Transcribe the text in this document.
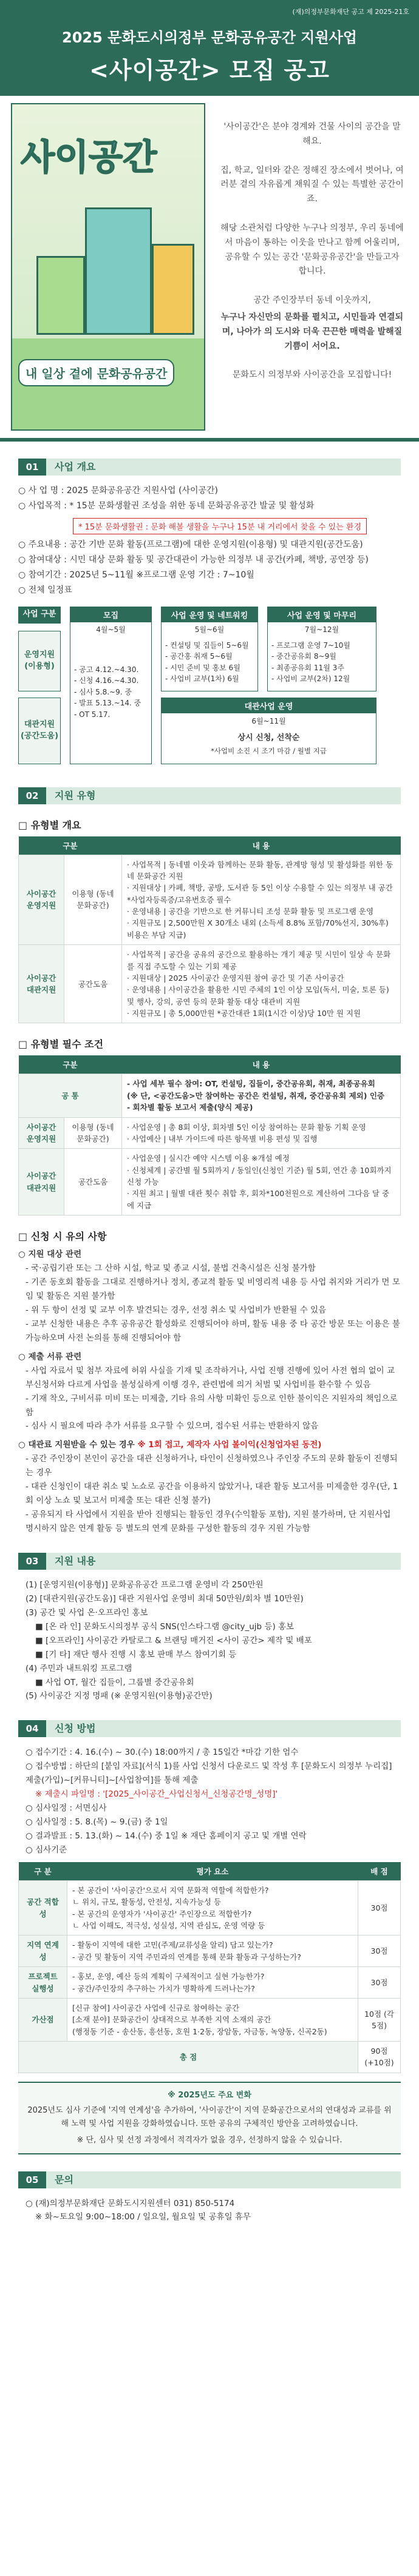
(재)의정부문화재단 공고 제 2025-21호
2025 문화도시의정부 문화공유공간 지원사업
<사이공간> 모집 공고
사이공간
내 일상 곁에 문화공유공간

'사이공간'은 분야 경계와 건물 사이의 공간을 말해요.

집, 학교, 일터와 같은 정해진 장소에서 벗어나, 여러분 곁의 자유롭게 채워질 수 있는 특별한 공간이죠.

해당 소관처럼 다양한 누구나 의정부, 우리 동네에서 마음이 통하는 이웃을 만나고 함께 어울리며, 공유할 수 있는 공간 '문화공유공간'을 만들고자 합니다.

공간 주인장부터 동네 이웃까지,

누구나 자신만의 문화를 펼치고, 시민들과 연결되며, 나아가 의 도시와 더욱 끈끈한 매력을 발해질 기쁨이 서어요.

문화도시 의정부와 사이공간을 모집합니다!

01	사업 개요

○ 사 업 명 : 2025 문화공유공간 지원사업 (사이공간)

○ 사업목적 : * 15분 문화생활권 조성을 위한 동네 문화공유공간 발굴 및 활성화

* 15분 문화생활권 : 문화 해볼 생활을 누구나 15분 내 거리에서 찾을 수 있는 환경

○ 주요내용 : 공간 기반 문화 활동(프로그램)에 대한 운영지원(이용형) 및 대관지원(공간도움)

○ 참여대상 : 시민 대상 문화 활동 및 공간대관이 가능한 의정부 내 공간(카페, 책방, 공연장 등)

○ 참여기간 : 2025년 5~11월 ※프로그램 운영 기간 : 7~10월

○ 전체 일정표

사업 구분
운영지원 (이용형)
대관지원 (공간도움)
모집
4월~5월
- 공고 4.12.~4.30.
- 신청 4.16.~4.30.
- 심사 5.8.~9. 중
- 발표 5.13.~14. 중
- OT 5.17.
사업 운영 및 네트워킹
5월~6월
- 컨설팅 및 집들이 5~6월
- 공간홍 취재 5~6월
- 시민 준비 및 홍보 6월
- 사업비 교부(1차) 6월
사업 운영 및 마무리
7월~12월
- 프로그램 운영 7~10월
- 중간공유회 8~9월
- 최종공유회 11월 3주
- 사업비 교부(2차) 12월
대관사업 운영
6월~11월
상시 신청, 선착순
*사업비 소진 시 조기 마감 / 월별 지급
02	지원 유형
□ 유형별 개요
구분		내 용
사이공간 운영지원	이용형 (동네문화공간)	· 사업목적 | 동네별 이웃과 함께하는 문화 활동, 관계망 형성 및 활성화를 위한 동네 문화공간 지원
· 지원대상 | 카페, 책방, 공방, 도서관 등 5인 이상 수용할 수 있는 의정부 내 공간 *사업자등록증/고유번호증 필수
· 운영내용 | 공간을 기반으로 한 커뮤니티 조성 문화 활동 및 프로그램 운영
· 지원규모 | 2,500만원 X 30개소 내외 (소득세 8.8% 포함/70%선지, 30%후) 비용은 부담 지급)
사이공간 대관지원	공간도움	· 사업목적 | 공간을 공유의 공간으로 활용하는 개기 제공 및 시민이 일상 속 문화를 직접 주도할 수 있는 기회 제공
· 지원대상 | 2025 사이공간 운영지원 참여 공간 및 기존 사이공간
· 운영내용 | 사이공간을 활용한 시민 주체의 1인 이상 모임(독서, 미술, 토론 등) 및 행사, 강의, 공연 등의 문화 활동 대상 대관비 지원
· 지원규모 | 총 5,000만원 *공간대관 1회(1시간 이상)당 10만 원 지원
□ 유형별 필수 조건
구분		내 용
공 통		- 사업 세부 필수 참여: OT, 컨설팅, 집들이, 중간공유회, 취재, 최종공유회
(※ 단, <공간도움>만 참여하는 공간은 컨설팅, 취재, 중간공유회 제외) 인증
- 회차별 활동 보고서 제출(양식 제공)
사이공간 운영지원	이용형 (동네문화공간)	· 사업운영 | 총 8회 이상, 회차별 5인 이상 참여하는 문화 활동 기획 운영
· 사업예산 | 내부 가이드에 따른 항목별 비용 편성 및 집행
사이공간 대관지원	공간도움	· 사업운영 | 실시간 예약 시스템 이용 ※개설 예정
· 신청체계 | 공간별 월 5회까지 / 동일인(신청인 기준) 월 5회, 연간 총 10회까지 신청 가능
· 지원 최고 | 월별 대관 횟수 취합 후, 회차*100천원으로 계산하여 그다음 달 중에 지급
□ 신청 시 유의 사항

○ 지원 대상 관련

- 국·공립기관 또는 그 산하 시설, 학교 및 종교 시설, 불법 건축시설은 신청 불가함

- 기존 동호회 활동을 그대로 진행하거나 정치, 종교적 활동 및 비영리적 내용 등 사업 취지와 거리가 먼 모임 및 활동은 지원 불가함

- 위 두 항이 선정 및 교부 이후 발견되는 경우, 선정 취소 및 사업비가 반환될 수 있음

- 교부 신청한 내용은 추후 공유공간 활성화로 진행되어야 하며, 활동 내용 중 타 공간 방문 또는 이용은 불가능하오며 사전 논의를 통해 진행되어야 함

○ 제출 서류 관련

- 사업 자료서 및 첨부 자료에 허위 사실을 기재 및 조작하거나, 사업 진행 진행에 있어 사전 협의 없이 교부신청서와 다르게 사업을 불성실하게 이행 경우, 관련법에 의거 처벌 및 사업비를 환수할 수 있음

- 기재 착오, 구비서류 미비 또는 미제출, 기타 유의 사항 미확인 등으로 인한 불이익은 지원자의 책임으로 함

- 심사 시 필요에 따라 추가 서류를 요구할 수 있으며, 접수된 서류는 반환하지 않음

○ 대관료 지원받을 수 있는 경우 ※ 1회 접고, 제작자 사업 볼이익(신청업자된 동전)

- 공간 주인장이 본인이 공간을 대관 신청하거나, 타인이 신청하였으나 주인장 주도의 문화 활동이 진행되는 경우

- 대관 신청인이 대관 취소 및 노쇼로 공간을 이용하지 않았거나, 대관 활동 보고서를 미제출한 경우(단, 1회 이상 노쇼 및 보고서 미제출 또는 대관 신청 불가)

- 공유되지 타 사업에서 지원을 받아 진행되는 활동인 경우(수익활동 포함), 지원 불가하며, 단 지원사업 명시하지 않은 연계 활동 등 별도의 연계 문화를 구성한 활동의 경우 지원 가능함

03	지원 내용

(1) [운영지원(이용형)] 문화공유공간 프로그램 운영비 각 250만원

(2) [대관지원(공간도움)] 대관 지원사업 운영비 최대 50만원/회차 별 10만원)

(3) 공간 및 사업 온·오프라인 홍보

■ [온 라 인] 문화도시의정부 공식 SNS(인스타그램 @city_ujb 등) 홍보

■ [오프라인] 사이공간 카탈로그 & 브랜딩 매거진 <사이 공간> 제작 및 배포

■ [기 타] 재단 행사 진행 시 홍보 판매 부스 참여기회 등

(4) 주민과 내트워킹 프로그램

■ 사업 OT, 월간 집들이, 그룹별 중간공유회

(5) 사이공간 지정 명패 (※ 운영지원(이용형)공간만)

04	신청 방법

○ 접수기간 : 4. 16.(수) ~ 30.(수) 18:00까지 / 총 15일간 *마감 기한 엄수

○ 접수방법 : 하단의 [붙임 자료](서식 1)를 사업 신청서 다운로드 및 작성 후 [문화도시 의정부 누리집] 제출(가입)~[커뮤니티]~[사업참여]를 통해 제출

※ 제출시 파일명 : '[2025_사이공간_사업신청서_신청공간명_성명]'

○ 심사일정 : 서면심사

○ 심사일정 : 5. 8.(목) ~ 9.(금) 중 1일

○ 결과발표 : 5. 13.(화) ~ 14.(수) 중 1일 ※ 재단 홈페이지 공고 및 개별 연락

○ 심사기준

구 분	평가 요소	배 점
공간 적합성	- 본 공간이 '사이공간'으로서 지역 문화적 역할에 적합한가?
ㄴ 위치, 규모, 활동성, 안전성, 지속가능성 등
- 본 공간의 운영자가 '사이공간' 주인장으로 적합한가?
ㄴ 사업 이해도, 적극성, 성실성, 지역 관심도, 운영 역량 등	30점
지역 연계성	- 활동이 지역에 대한 고민(주제/교류성을 알리) 담고 있는가?
- 공간 및 활동이 지역 주민과의 연계를 통해 문화 활동과 구성하는가?	30점
프로젝트 실행성	- 홍보, 운영, 예산 등의 계획이 구체적이고 실현 가능한가?
- 공간/주인장의 추구하는 가치가 명확하게 드러나는가?	30점
가산점	[신규 참여] 사이공간 사업에 신규로 참여하는 공간
[소재 분야] 문화공간이 상대적으로 부족한 지역 소재의 공간
(행정동 기준 - 송산동, 흥선동, 호원 1·2동, 장암동, 자금동, 녹양동, 신곡2동)	10점 (각 5점)
총 점		90점 (+10점)
※ 2025년도 주요 변화
2025년도 심사 기준에 '지역 연계성'을 추가하여, '사이공간'이 지역 문화공간으로서의 연대성과 교류를 위해 노력 및 사업 지원을 강화하였습니다. 또한 공유의 구체적인 방안을 고려하였습니다.
※ 단, 심사 및 선정 과정에서 적격자가 없을 경우, 선정하지 않을 수 있습니다.
05	문의

○ (재)의정부문화재단 문화도시지원센터 031) 850-5174

※ 화~토요일 9:00~18:00 / 일요일, 월요일 및 공휴일 휴무
